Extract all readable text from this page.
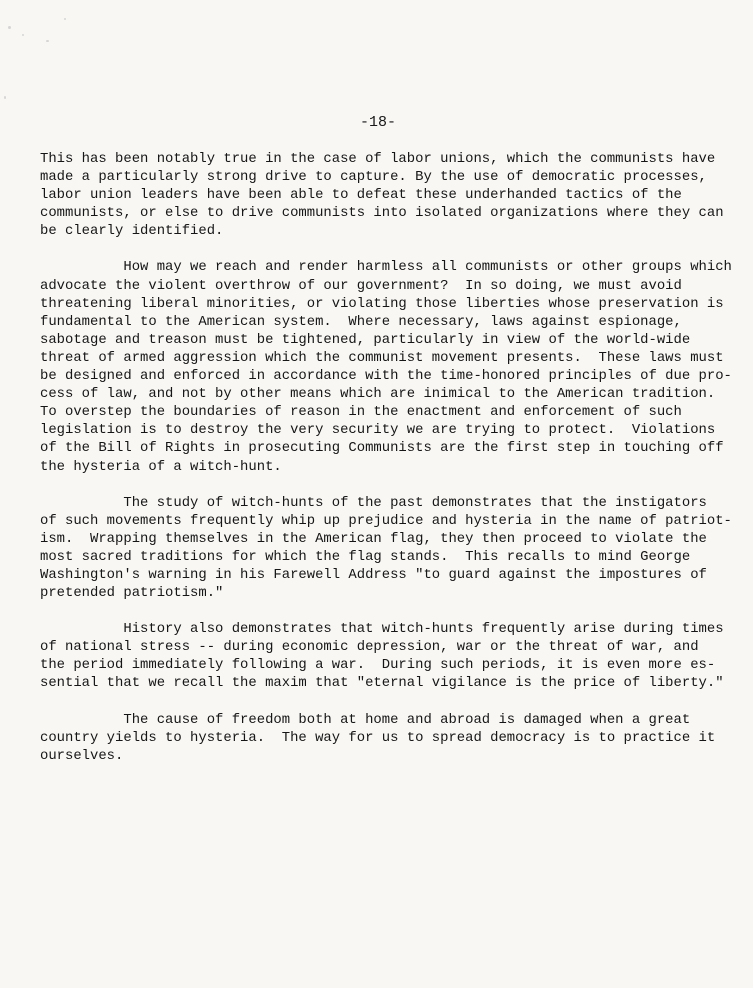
-18-

This has been notably true in the case of labor unions, which the communists have
made a particularly strong drive to capture. By the use of democratic processes,
labor union leaders have been able to defeat these underhanded tactics of the
communists, or else to drive communists into isolated organizations where they can
be clearly identified.

How may we reach and render harmless all communists or other groups which
advocate the violent overthrow of our government?  In so doing, we must avoid
threatening liberal minorities, or violating those liberties whose preservation is
fundamental to the American system.  Where necessary, laws against espionage,
sabotage and treason must be tightened, particularly in view of the world-wide
threat of armed aggression which the communist movement presents.  These laws must
be designed and enforced in accordance with the time-honored principles of due pro-
cess of law, and not by other means which are inimical to the American tradition.
To overstep the boundaries of reason in the enactment and enforcement of such
legislation is to destroy the very security we are trying to protect.  Violations
of the Bill of Rights in prosecuting Communists are the first step in touching off
the hysteria of a witch-hunt.

The study of witch-hunts of the past demonstrates that the instigators
of such movements frequently whip up prejudice and hysteria in the name of patriot-
ism.  Wrapping themselves in the American flag, they then proceed to violate the
most sacred traditions for which the flag stands.  This recalls to mind George
Washington's warning in his Farewell Address "to guard against the impostures of
pretended patriotism."

History also demonstrates that witch-hunts frequently arise during times
of national stress -- during economic depression, war or the threat of war, and
the period immediately following a war.  During such periods, it is even more es-
sential that we recall the maxim that "eternal vigilance is the price of liberty."

The cause of freedom both at home and abroad is damaged when a great
country yields to hysteria.  The way for us to spread democracy is to practice it
ourselves.
